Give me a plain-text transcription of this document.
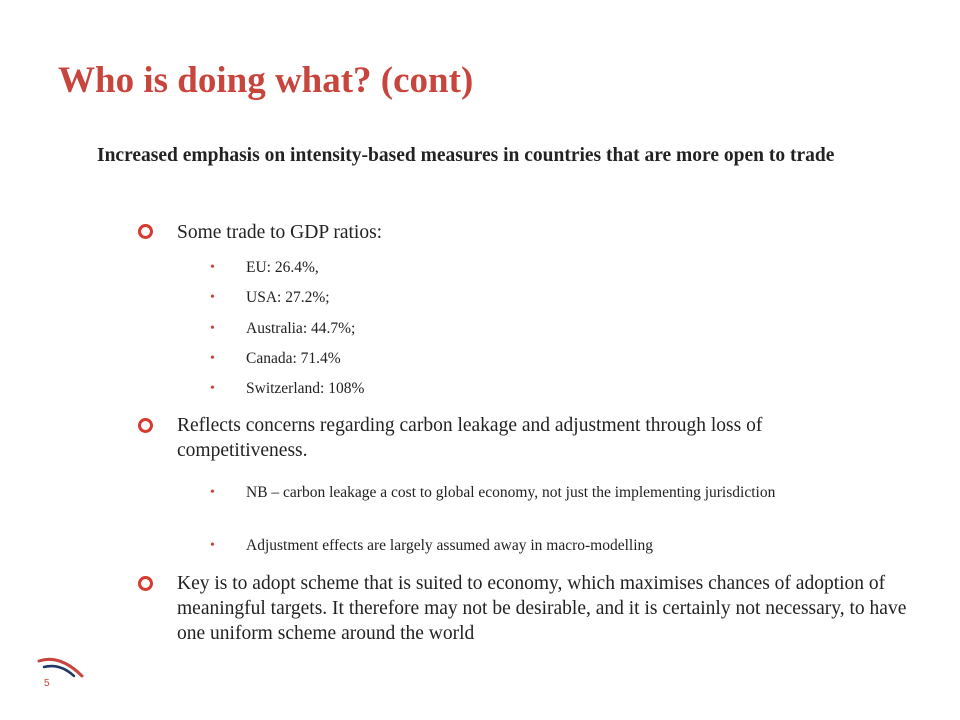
Who is doing what? (cont)
Increased emphasis on intensity-based measures in countries that are more open to trade
Some trade to GDP ratios:
• EU: 26.4%,
• USA: 27.2%;
• Australia: 44.7%;
• Canada: 71.4%
• Switzerland: 108%
Reflects concerns regarding carbon leakage and adjustment through loss of competitiveness.
• NB – carbon leakage a cost to global economy, not just the implementing jurisdiction
• Adjustment effects are largely assumed away in macro-modelling
Key is to adopt scheme that is suited to economy, which maximises chances of adoption of meaningful targets. It therefore may not be desirable, and it is certainly not necessary, to have one uniform scheme around the world
5
